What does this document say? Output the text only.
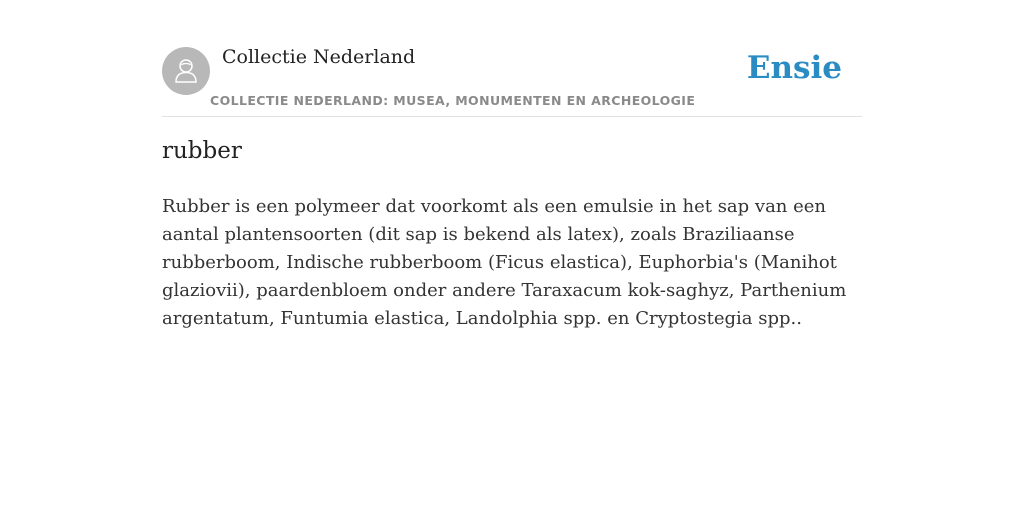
Collectie Nederland
COLLECTIE NEDERLAND: MUSEA, MONUMENTEN EN ARCHEOLOGIE
Ensie
rubber

Rubber is een polymeer dat voorkomt als een emulsie in het sap van een aantal plantensoorten (dit sap is bekend als latex), zoals Braziliaanse rubberboom, Indische rubberboom (Ficus elastica), Euphorbia's (Manihot glaziovii), paardenbloem onder andere Taraxacum kok-saghyz, Parthenium argentatum, Funtumia elastica, Landolphia spp. en Cryptostegia spp..
